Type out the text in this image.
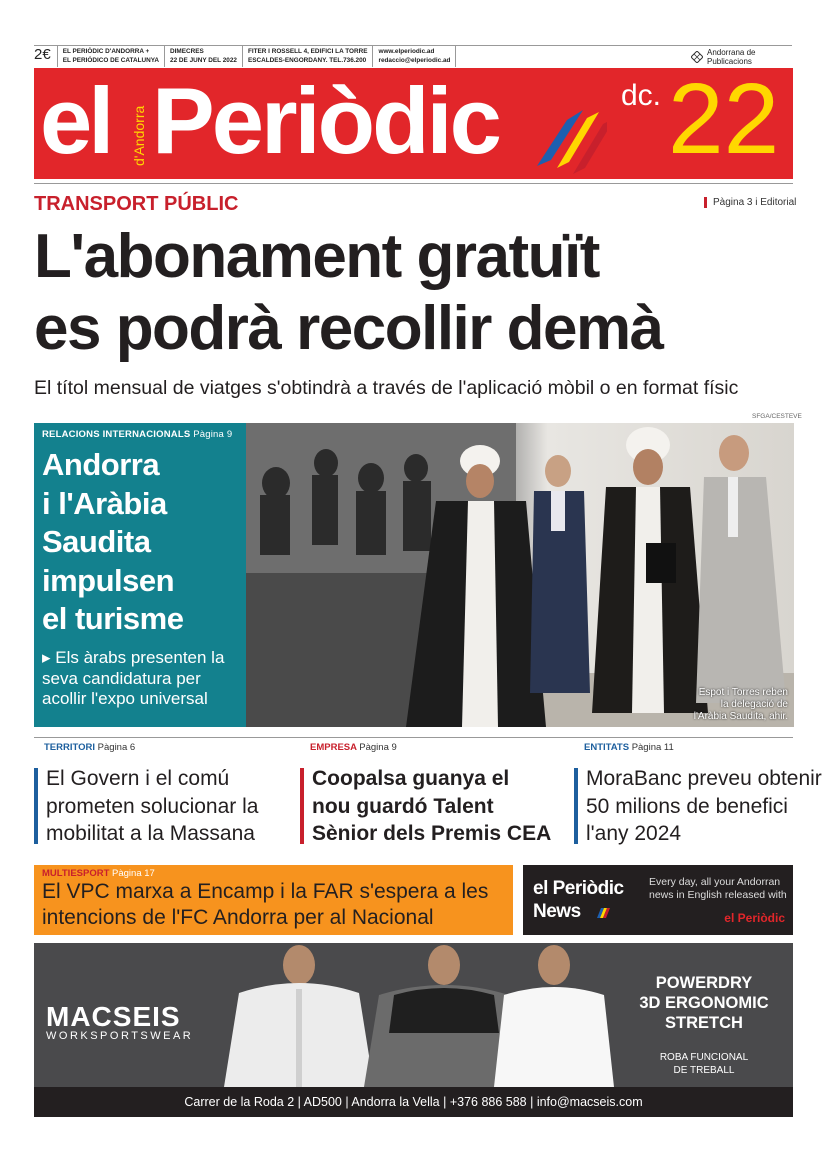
2€	EL PERIÒDIC D'ANDORRA +
EL PERIÓDICO DE CATALUNYA
DIMECRES
22 DE JUNY DEL 2022
FITER I ROSSELL 4, EDIFICI LA TORRE
ESCALDES-ENGORDANY. TEL.736.200
www.elperiodic.ad
redaccio@elperiodic.ad
Andorrana de Publicacions
el d'Andorra Periòdic	dc. 22
TRANSPORT PÚBLIC	Pàgina 3 i Editorial
L'abonament gratuït
es podrà recollir demà
El títol mensual de viatges s'obtindrà a través de l'aplicació mòbil o en format físic
SFGA/CESTEVE
RELACIONS INTERNACIONALS Pàgina 9
Andorra
i l'Aràbia
Saudita
impulsen
el turisme
▸ Els àrabs presenten la seva candidatura per acollir l'expo universal	Espot i Torres reben
la delegació de
l'Aràbia Saudita, ahir.
TERRITORI Pàgina 6
El Govern i el comú prometen solucionar la mobilitat a la Massana
EMPRESA Pàgina 9
Coopalsa guanya el nou guardó Talent Sènior dels Premis CEA
ENTITATS Pàgina 11
MoraBanc preveu obtenir 50 milions de benefici l'any 2024
MULTIESPORT Pàgina 17
El VPC marxa a Encamp i la FAR s'espera a les intencions de l'FC Andorra per al Nacional
el Periòdic
News
Every day, all your Andorran news in English released with
el Periòdic
MACSEIS
WORKSPORTSWEAR
POWERDRY
3D ERGONOMIC
STRETCH
ROBA FUNCIONAL
DE TREBALL
Carrer de la Roda 2 | AD500 | Andorra la Vella | +376 886 588 | info@macseis.com
